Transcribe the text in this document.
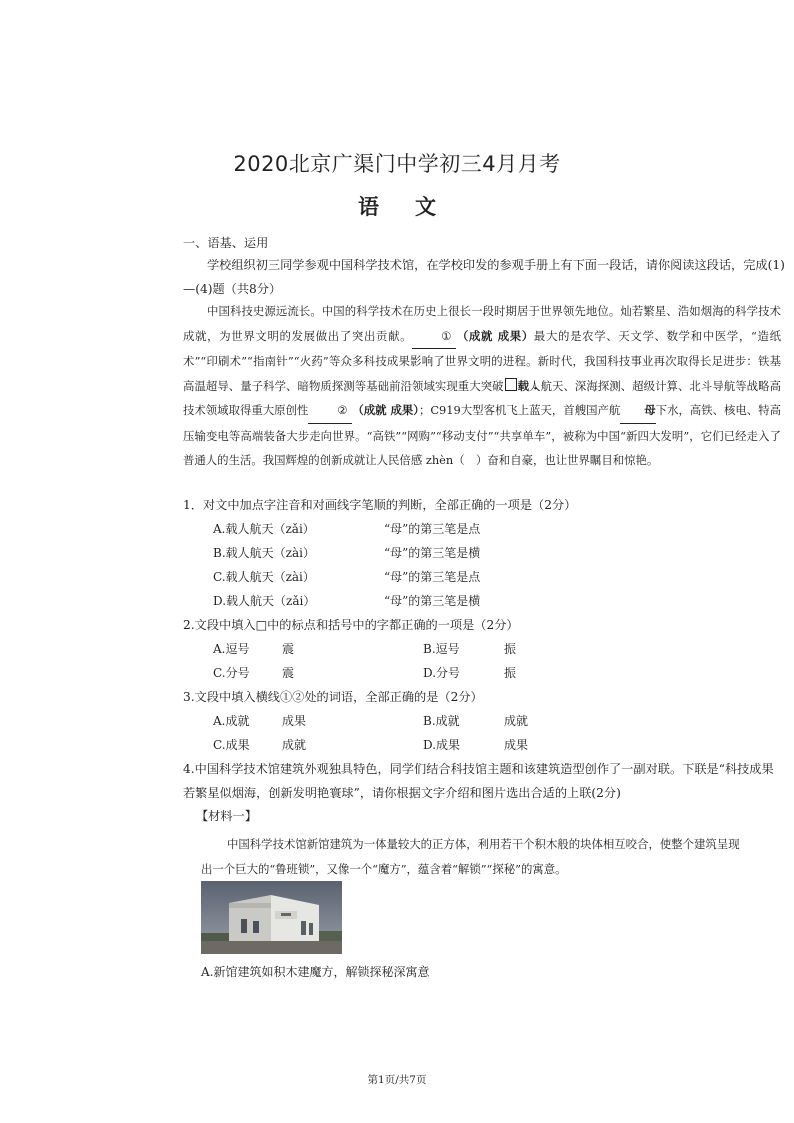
2020北京广渠门中学初三4月月考
语文
一、语基、运用
学校组织初三同学参观中国科学技术馆，在学校印发的参观手册上有下面一段话，请你阅读这段话，完成(1)—(4)题（共8分）
中国科技史源远流长。中国的科学技术在历史上很长一段时期居于世界领先地位。灿若繁星、浩如烟海的科学技术成就，为世界文明的发展做出了突出贡献。	① （成就 成果）最大的是农学、天文学、数学和中医学，“造纸术”“印刷术”“指南针”“火药”等众多科技成果影响了世界文明的进程。新时代，我国科技事业再次取得长足进步：铁基高温超导、量子科学、暗物质探测等基础前沿领域实现重大突破 载人航天、深海探测、超级计算、北斗导航等战略高技术领域取得重大原创性	② （成就 成果）；C919大型客机飞上蓝天，首艘国产航 母下水，高铁、核电、特高压输变电等高端装备大步走向世界。“高铁”“网购”“移动支付”“共享单车”，被称为中国“新四大发明”，它们已经走入了普通人的生活。我国辉煌的创新成就让人民倍感 zhèn（　）奋和自豪，也让世界瞩目和惊艳。
1．对文中加点字注音和对画线字笔顺的判断，全部正确的一项是（2分）
A.载人航天（zǎi）	“母”的第三笔是点
B.载人航天（zài）	“母”的第三笔是横
C.载人航天（zài）	“母”的第三笔是点
D.载人航天（zǎi）	“母”的第三笔是横
2.文段中填入□中的标点和括号中的字都正确的一项是（2分）
A.逗号	震	B.逗号	振
C.分号	震	D.分号	振
3.文段中填入横线①②处的词语，全部正确的是（2分）
A.成就	成果	B.成就	成就
C.成果	成就	D.成果	成果
4.中国科学技术馆建筑外观独具特色，同学们结合科技馆主题和该建筑造型创作了一副对联。下联是“科技成果若繁星似烟海，创新发明艳寰球”，请你根据文字介绍和图片选出合适的上联(2分)
【材料一】
中国科学技术馆新馆建筑为一体量较大的正方体，利用若干个积木般的块体相互咬合，使整个建筑呈现出一个巨大的“鲁班锁”，又像一个“魔方”，蕴含着“解锁”“探秘”的寓意。
A.新馆建筑如积木建魔方，解锁探秘深寓意
第1页/共7页
